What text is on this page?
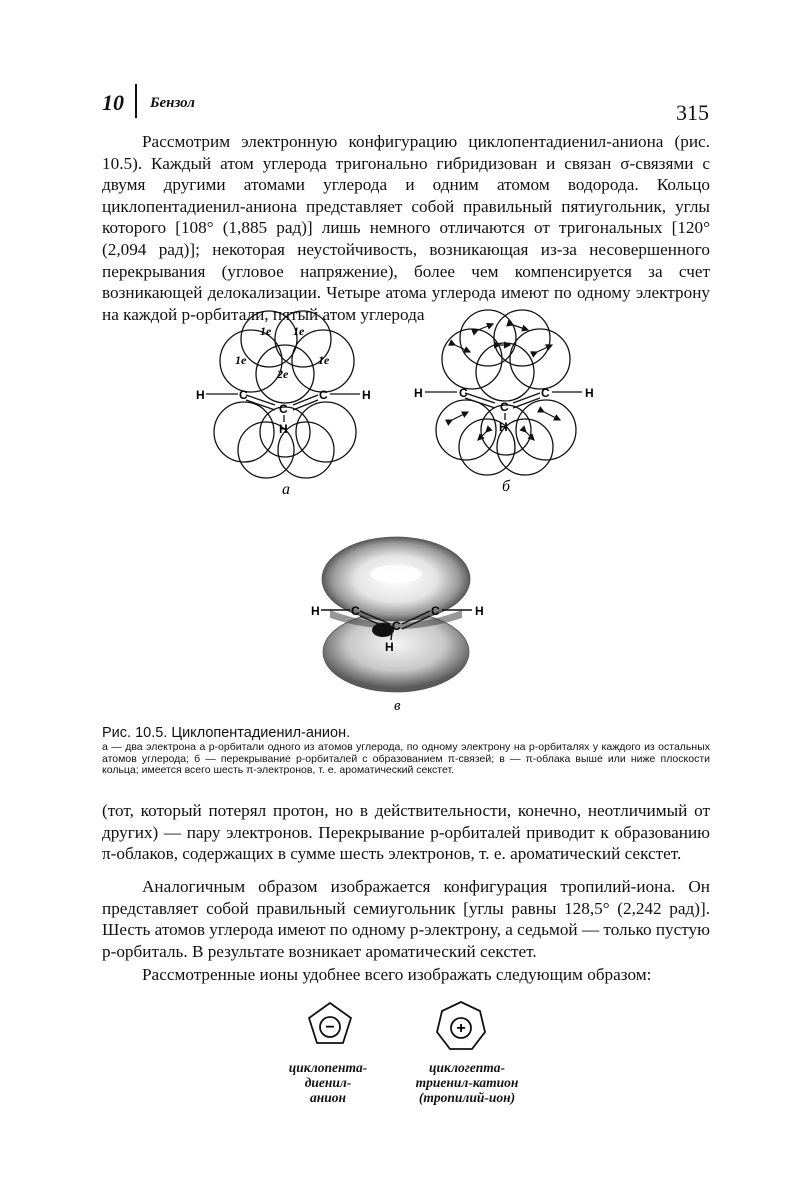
10 Бензол	315
Рассмотрим электронную конфигурацию циклопентадиенил-аниона (рис. 10.5). Каждый атом углерода тригонально гибридизован и связан σ-связями с двумя другими атомами углерода и одним атомом водорода. Кольцо циклопентадиенил-аниона представляет собой правильный пятиугольник, углы которого [108° (1,885 рад)] лишь немного отличаются от тригональных [120° (2,094 рад)]; некоторая неустойчивость, возникающая из-за несовершенного перекрывания (угловое напряжение), более чем компенсируется за счет возникающей делокализации. Четыре атома углерода имеют по одному электрону на каждой p-орбитали, пятый атом углерода
1e 1e
1e	1e
2e
H	C
C
C	H
H
а
H	C
C
C	H
H
б
H	C
C
C	H
H
в
−	+
Рис. 10.5. Циклопентадиенил-анион.
а — два электрона а p-орбитали одного из атомов углерода, по одному электрону на p-орбиталях у каждого из остальных атомов углерода; б — перекрывание p-орбиталей с образованием π-связей; в — π-облака выше или ниже плоскости кольца; имеется всего шесть π-электронов, т. е. ароматический секстет.
(тот, который потерял протон, но в действительности, конечно, неотличимый от других) — пару электронов. Перекрывание p-орбиталей приводит к образованию π-облаков, содержащих в сумме шесть электронов, т. е. ароматический секстет.
Аналогичным образом изображается конфигурация тропилий-иона. Он представляет собой правильный семиугольник [углы равны 128,5° (2,242 рад)]. Шесть атомов углерода имеют по одному p-электрону, а седьмой — только пустую p-орбиталь. В результате возникает ароматический секстет.
Рассмотренные ионы удобнее всего изображать следующим образом:
циклопента-
диенил-
анион
циклогепта-
триенил-катион
(тропилий-ион)
